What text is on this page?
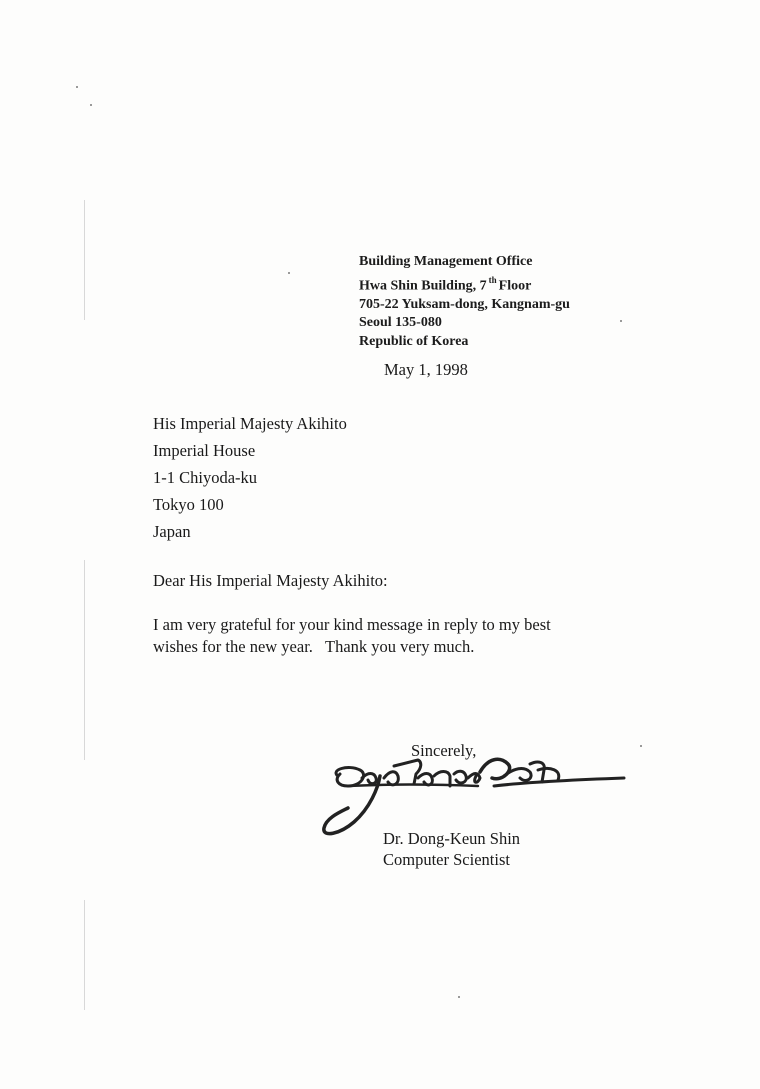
Building Management Office
Hwa Shin Building, 7 $^{th}$ Floor
705-22 Yuksam-dong, Kangnam-gu
Seoul 135-080
Republic of Korea
May 1, 1998
His Imperial Majesty Akihito
Imperial House
1-1 Chiyoda-ku
Tokyo 100
Japan
Dear His Imperial Majesty Akihito:
I am very grateful for your kind message in reply to my best
wishes for the new year.   Thank you very much.
Sincerely,
Dr. Dong-Keun Shin
Computer Scientist
